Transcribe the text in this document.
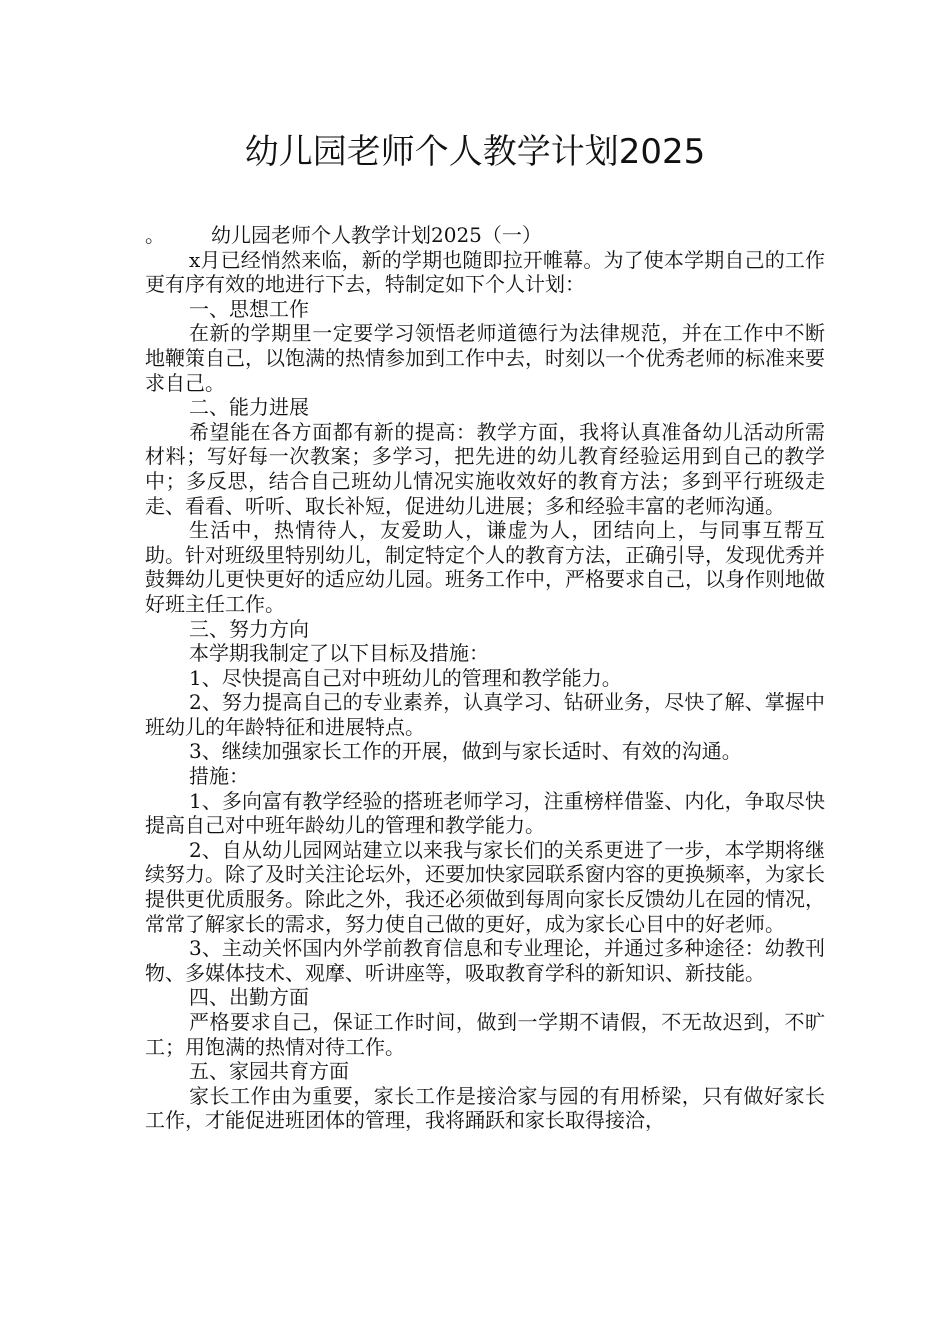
幼儿园老师个人教学计划2025

。 幼儿园老师个人教学计划2025（一）

x月已经悄然来临，新的学期也随即拉开帷幕。为了使本学期自己的工作更有序有效的地进行下去，特制定如下个人计划：

一、思想工作

在新的学期里一定要学习领悟老师道德行为法律规范，并在工作中不断地鞭策自己，以饱满的热情参加到工作中去，时刻以一个优秀老师的标准来要求自己。

二、能力进展

希望能在各方面都有新的提高：教学方面，我将认真准备幼儿活动所需材料；写好每一次教案；多学习，把先进的幼儿教育经验运用到自己的教学中；多反思，结合自己班幼儿情况实施收效好的教育方法；多到平行班级走走、看看、听听、取长补短，促进幼儿进展；多和经验丰富的老师沟通。

生活中，热情待人，友爱助人，谦虚为人，团结向上，与同事互帮互助。针对班级里特别幼儿，制定特定个人的教育方法，正确引导，发现优秀并鼓舞幼儿更快更好的适应幼儿园。班务工作中，严格要求自己，以身作则地做好班主任工作。

三、努力方向

本学期我制定了以下目标及措施：

1、尽快提高自己对中班幼儿的管理和教学能力。

2、努力提高自己的专业素养，认真学习、钻研业务，尽快了解、掌握中班幼儿的年龄特征和进展特点。

3、继续加强家长工作的开展，做到与家长适时、有效的沟通。

措施：

1、多向富有教学经验的搭班老师学习，注重榜样借鉴、内化，争取尽快提高自己对中班年龄幼儿的管理和教学能力。

2、自从幼儿园网站建立以来我与家长们的关系更进了一步，本学期将继续努力。除了及时关注论坛外，还要加快家园联系窗内容的更换频率，为家长提供更优质服务。除此之外，我还必须做到每周向家长反馈幼儿在园的情况，常常了解家长的需求，努力使自己做的更好，成为家长心目中的好老师。

3、主动关怀国内外学前教育信息和专业理论，并通过多种途径：幼教刊物、多媒体技术、观摩、听讲座等，吸取教育学科的新知识、新技能。

四、出勤方面

严格要求自己，保证工作时间，做到一学期不请假，不无故迟到，不旷工；用饱满的热情对待工作。

五、家园共育方面

家长工作由为重要，家长工作是接洽家与园的有用桥梁，只有做好家长工作，才能促进班团体的管理，我将踊跃和家长取得接洽，
